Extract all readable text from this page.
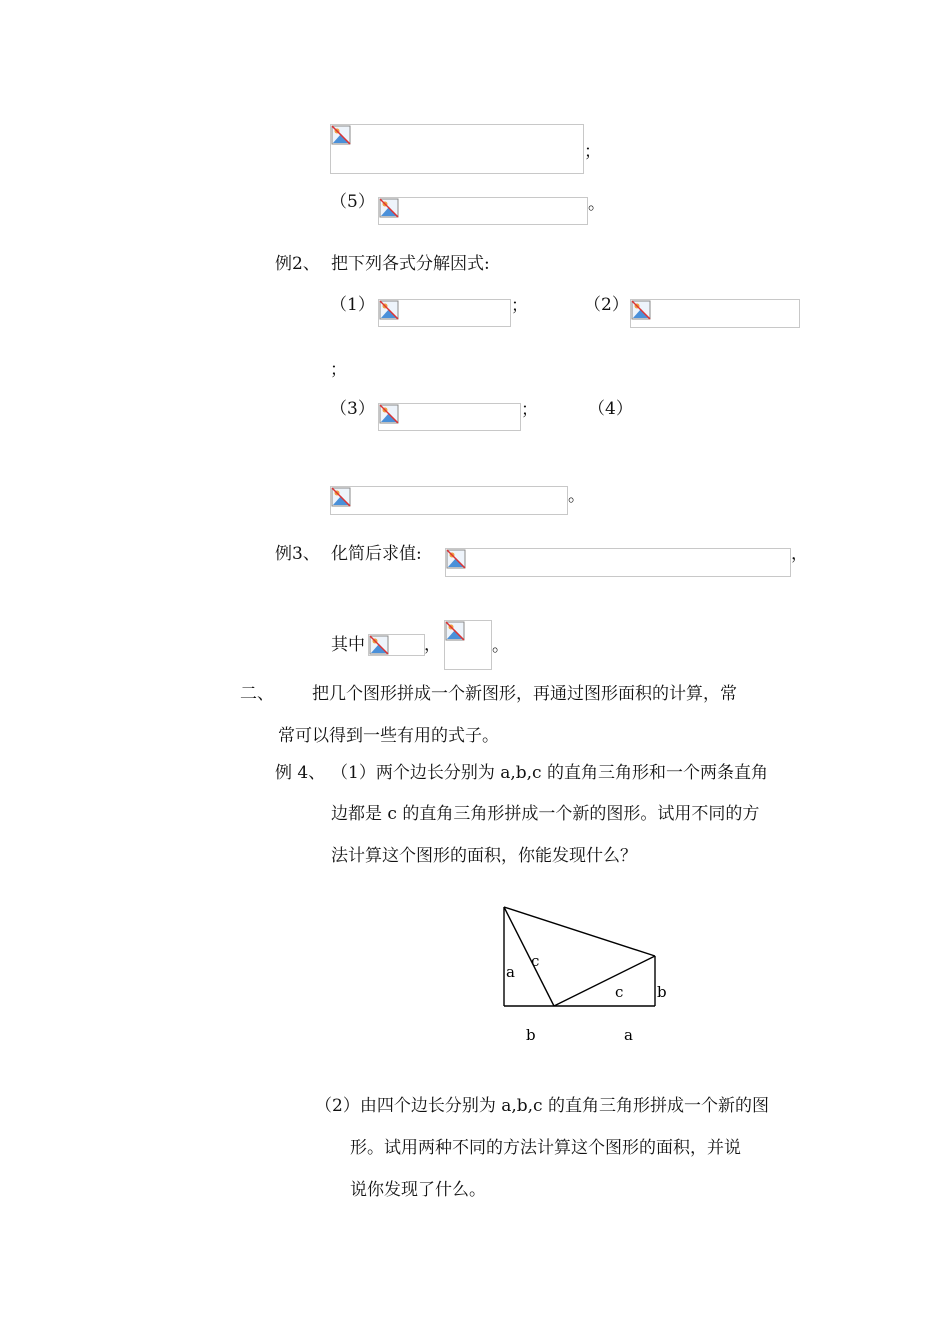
；
（5）	。
例2、 把下列各式分解因式:
（1）	；	（2）
；
（3）	；	（4）
。
例3、 化简后求值:	，
其中	，	。
二、 把几个图形拼成一个新图形，再通过图形面积的计算，常
常可以得到一些有用的式子。
例 4、 （1）两个边长分别为 a,b,c 的直角三角形和一个两条直角
边都是 c 的直角三角形拼成一个新的图形。试用不同的方
法计算这个图形的面积，你能发现什么？
a
c
c b
b	a
（2）由四个边长分别为 a,b,c 的直角三角形拼成一个新的图
形。试用两种不同的方法计算这个图形的面积，并说
说你发现了什么。
